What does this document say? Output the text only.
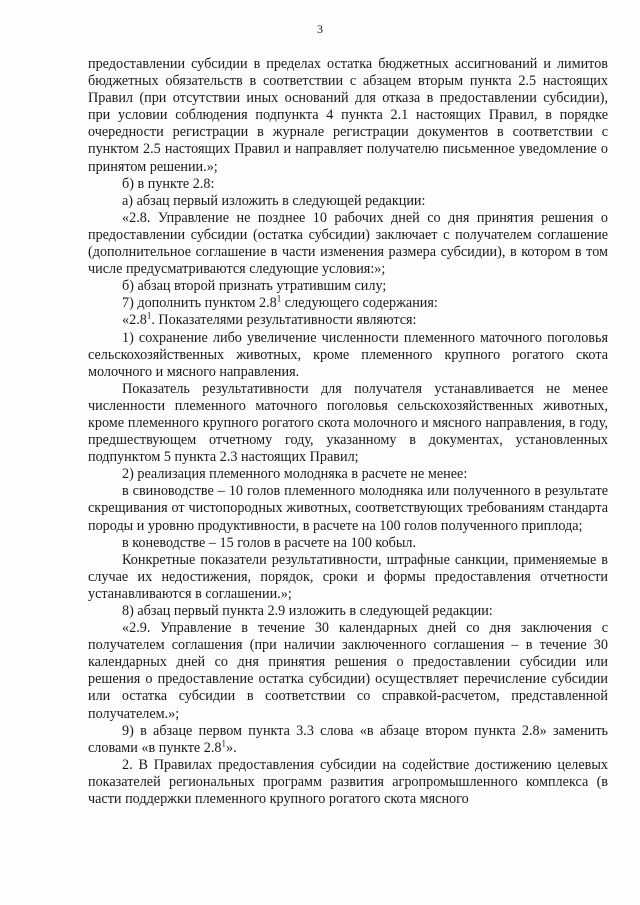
3

предоставлении субсидии в пределах остатка бюджетных ассигнований и лимитов бюджетных обязательств в соответствии с абзацем вторым пункта 2.5 настоящих Правил (при отсутствии иных оснований для отказа в предоставлении субсидии), при условии соблюдения подпункта 4 пункта 2.1 настоящих Правил, в порядке очередности регистрации в журнале регистрации документов в соответствии с пунктом 2.5 настоящих Правил и направляет получателю письменное уведомление о принятом решении.»;

б) в пункте 2.8:

а) абзац первый изложить в следующей редакции:

«2.8. Управление не позднее 10 рабочих дней со дня принятия решения о предоставлении субсидии (остатка субсидии) заключает с получателем соглашение (дополнительное соглашение в части изменения размера субсидии), в котором в том числе предусматриваются следующие условия:»;

б) абзац второй признать утратившим силу;

7) дополнить пунктом $2.8^1$ следующего содержания:

«$2.8^1$. Показателями результативности являются:

1) сохранение либо увеличение численности племенного маточного поголовья сельскохозяйственных животных, кроме племенного крупного рогатого скота молочного и мясного направления.

Показатель результативности для получателя устанавливается не менее численности племенного маточного поголовья сельскохозяйственных животных, кроме племенного крупного рогатого скота молочного и мясного направления, в году, предшествующем отчетному году, указанному в документах, установленных подпунктом 5 пункта 2.3 настоящих Правил;

2) реализация племенного молодняка в расчете не менее:

в свиноводстве – 10 голов племенного молодняка или полученного в результате скрещивания от чистопородных животных, соответствующих требованиям стандарта породы и уровню продуктивности, в расчете на 100 голов полученного приплода;

в коневодстве – 15 голов в расчете на 100 кобыл.

Конкретные показатели результативности, штрафные санкции, применяемые в случае их недостижения, порядок, сроки и формы предоставления отчетности устанавливаются в соглашении.»;

8) абзац первый пункта 2.9 изложить в следующей редакции:

«2.9. Управление в течение 30 календарных дней со дня заключения с получателем соглашения (при наличии заключенного соглашения – в течение 30 календарных дней со дня принятия решения о предоставлении субсидии или решения о предоставление остатка субсидии) осуществляет перечисление субсидии или остатка субсидии в соответствии со справкой-расчетом, представленной получателем.»;

9) в абзаце первом пункта 3.3 слова «в абзаце втором пункта 2.8» заменить словами «в пункте $2.8^1$».

2. В Правилах предоставления субсидии на содействие достижению целевых показателей региональных программ развития агропромышленного комплекса (в части поддержки племенного крупного рогатого скота мясного
